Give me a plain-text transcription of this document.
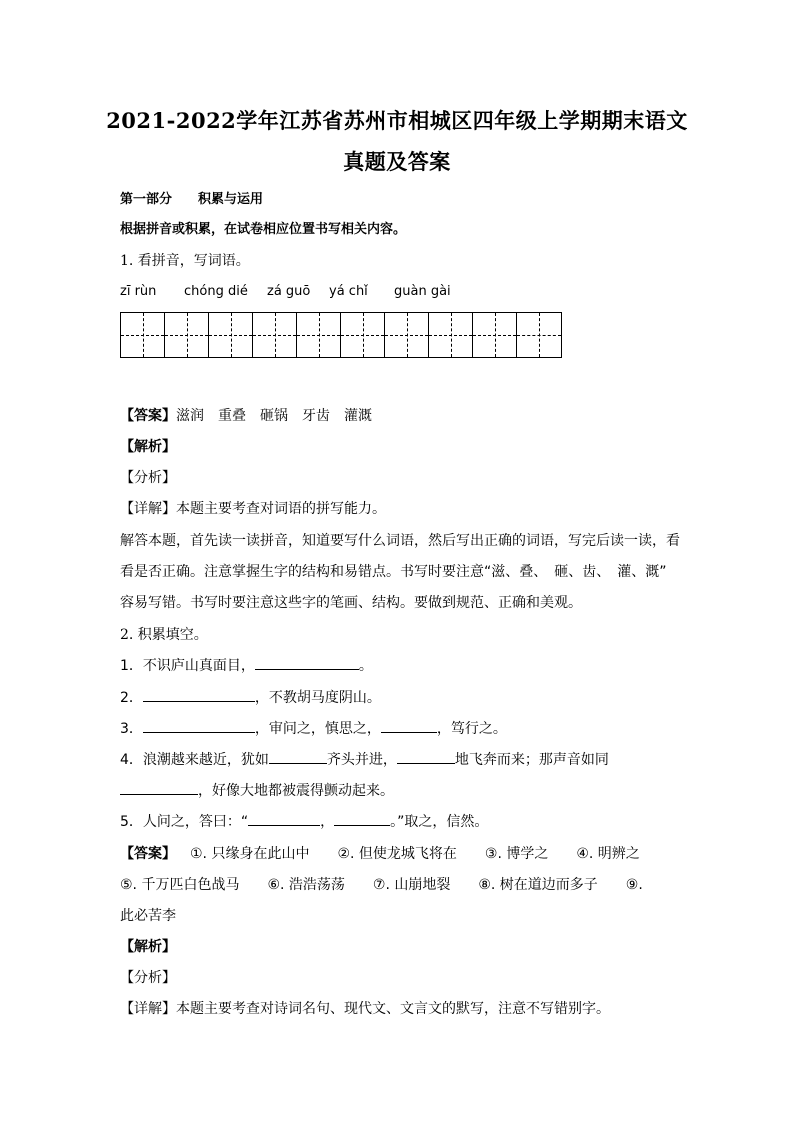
2021-2022学年江苏省苏州市相城区四年级上学期期末语文
真题及答案
第一部分　　积累与运用
根据拼音或积累，在试卷相应位置书写相关内容。
1. 看拼音，写词语。
zī rùn chóng dié zá guō yá chǐ guàn gài
【答案】滋润　重叠　砸锅　牙齿　灌溉
【解析】
【分析】
【详解】本题主要考查对词语的拼写能力。
解答本题，首先读一读拼音，知道要写什么词语，然后写出正确的词语，写完后读一读，看
看是否正确。注意掌握生字的结构和易错点。书写时要注意“滋、叠、　砸、齿、　灌、溉”
容易写错。书写时要注意这些字的笔画、结构。要做到规范、正确和美观。
2. 积累填空。
1．不识庐山真面目，	。
2．	，不教胡马度阴山。
3．	，审问之，慎思之，	，笃行之。
4．浪潮越来越近，犹如	齐头并进，	地飞奔而来；那声音如同
，好像大地都被震得颤动起来。
5．人问之，答曰：“	，	。”取之，信然。
【答案】 ①. 只缘身在此山中　　②. 但使龙城飞将在　　③. 博学之　　④. 明辨之
⑤. 千万匹白色战马　　⑥. 浩浩荡荡　　⑦. 山崩地裂　　⑧. 树在道边而多子　　⑨.
此必苦李
【解析】
【分析】
【详解】本题主要考查对诗词名句、现代文、文言文的默写，注意不写错别字。
